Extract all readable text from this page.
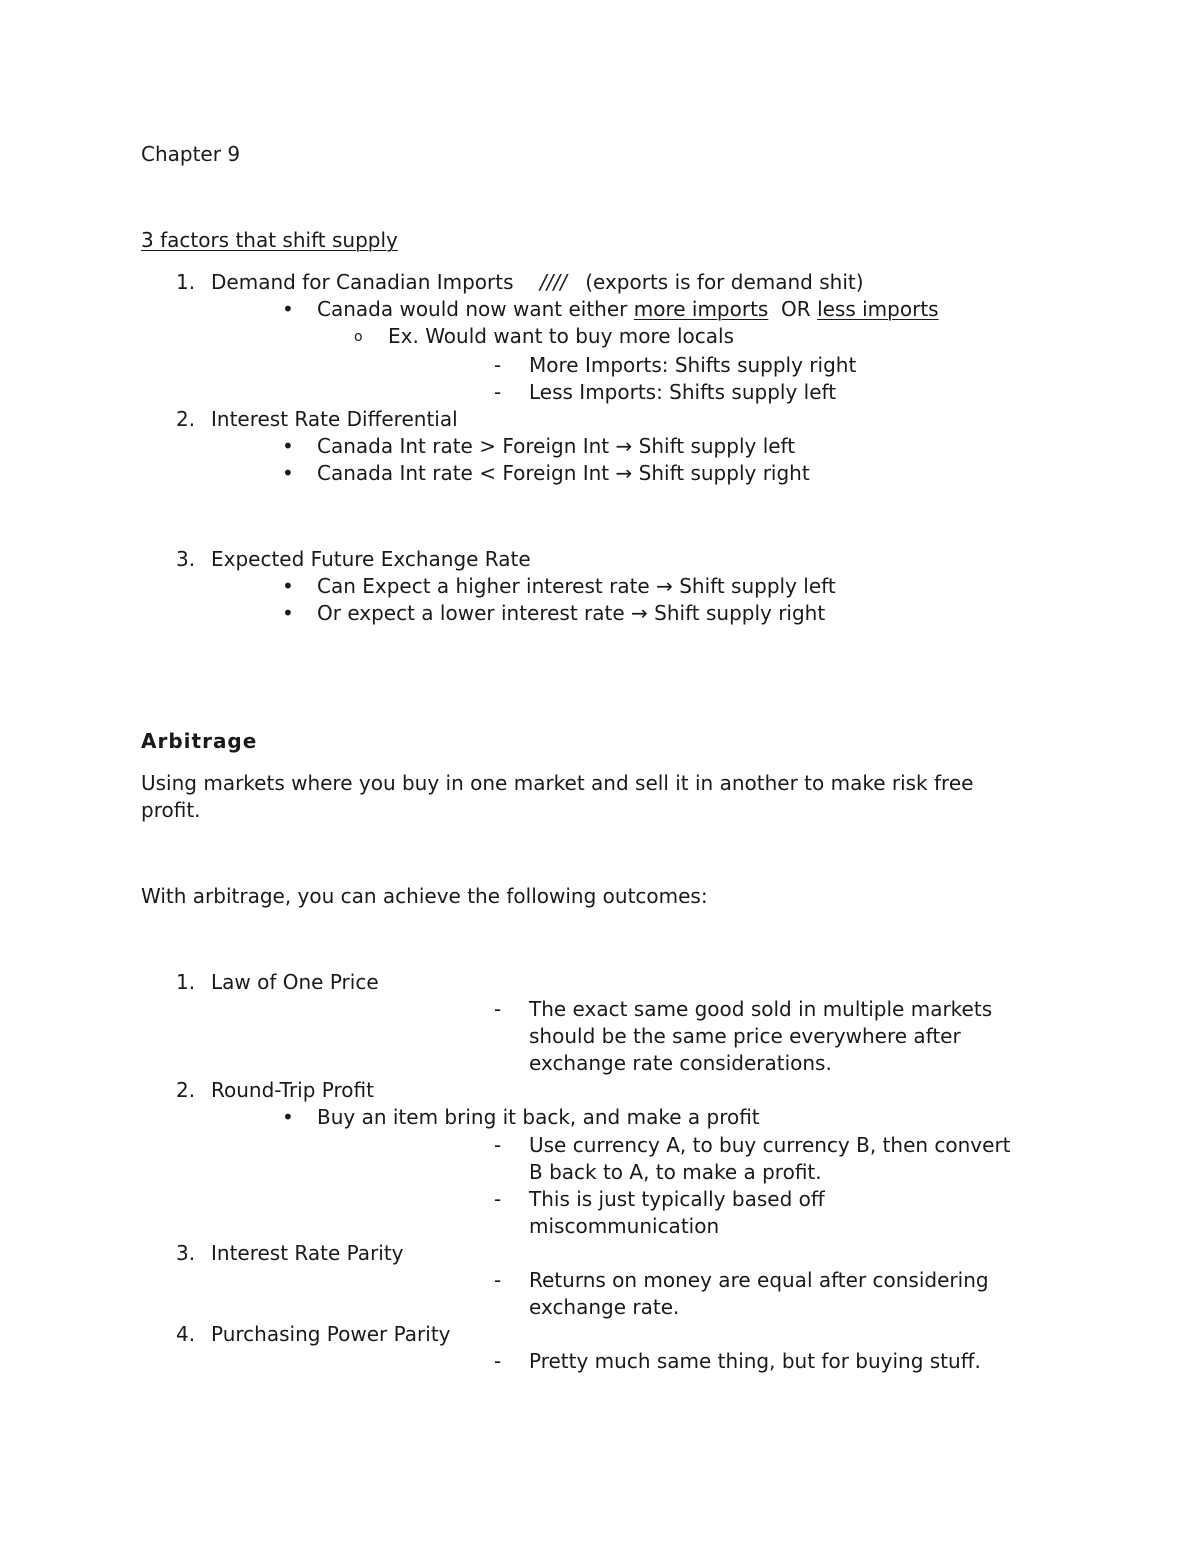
Chapter 9
3 factors that shift supply
1. Demand for Canadian Imports //// (exports is for demand shit)
• Canada would now want either more imports  OR less imports
o Ex. Would want to buy more locals
- More Imports: Shifts supply right
- Less Imports: Shifts supply left
2. Interest Rate Differential
• Canada Int rate > Foreign Int → Shift supply left
• Canada Int rate < Foreign Int → Shift supply right
3. Expected Future Exchange Rate
• Can Expect a higher interest rate → Shift supply left
• Or expect a lower interest rate → Shift supply right
Arbitrage
Using markets where you buy in one market and sell it in another to make risk free
profit.
With arbitrage, you can achieve the following outcomes:
1. Law of One Price
- The exact same good sold in multiple markets
should be the same price everywhere after
exchange rate considerations.
2. Round-Trip Profit
• Buy an item bring it back, and make a profit
- Use currency A, to buy currency B, then convert
B back to A, to make a profit.
- This is just typically based off
miscommunication
3. Interest Rate Parity
- Returns on money are equal after considering
exchange rate.
4. Purchasing Power Parity
- Pretty much same thing, but for buying stuff.
